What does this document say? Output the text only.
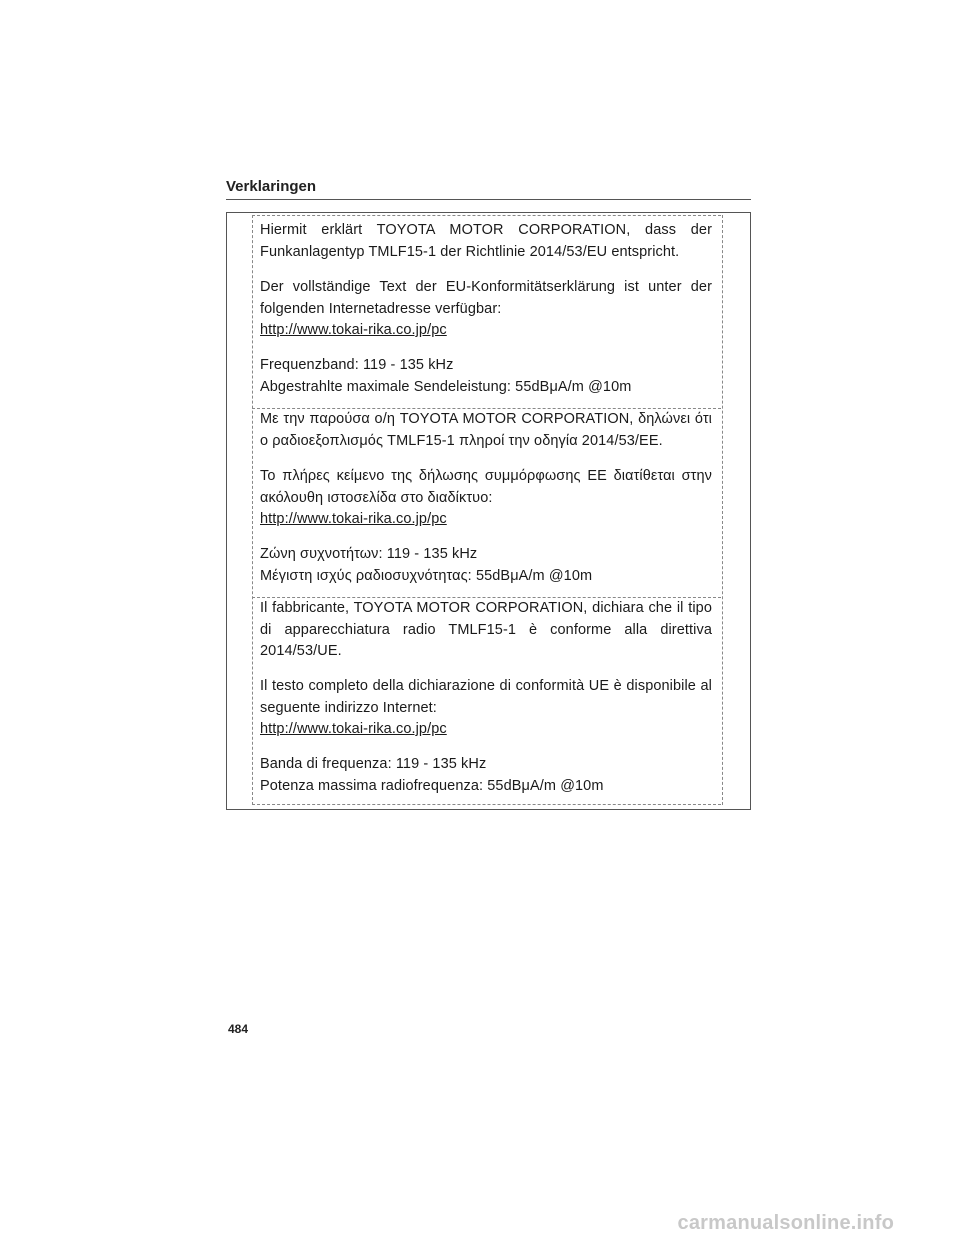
Verklaringen

Hiermit erklärt TOYOTA MOTOR CORPORATION, dass der Funkanlagentyp TMLF15-1 der Richtlinie 2014/53/EU entspricht.

Der vollständige Text der EU-Konformitätserklärung ist unter der folgenden Internetadresse verfügbar:

http://www.tokai-rika.co.jp/pc

Frequenzband: 119 - 135 kHz

Abgestrahlte maximale Sendeleistung: 55dBμA/m @10m

Με την παρούσα ο/η TOYOTA MOTOR CORPORATION, δηλώνει ότι ο ραδιοεξοπλισμός TMLF15-1 πληροί την οδηγία 2014/53/ΕΕ.

Το πλήρες κείμενο της δήλωσης συμμόρφωσης ΕΕ διατίθεται στην ακόλουθη ιστοσελίδα στο διαδίκτυο:

http://www.tokai-rika.co.jp/pc

Ζώνη συχνοτήτων: 119 - 135 kHz

Μέγιστη ισχύς ραδιοσυχνότητας: 55dBμA/m @10m

Il fabbricante, TOYOTA MOTOR CORPORATION, dichiara che il tipo di apparecchiatura radio TMLF15-1 è conforme alla direttiva 2014/53/UE.

Il testo completo della dichiarazione di conformità UE è disponibile al seguente indirizzo Internet:

http://www.tokai-rika.co.jp/pc

Banda di frequenza: 119 - 135 kHz

Potenza massima radiofrequenza: 55dBμA/m @10m

484
carmanualsonline.info
